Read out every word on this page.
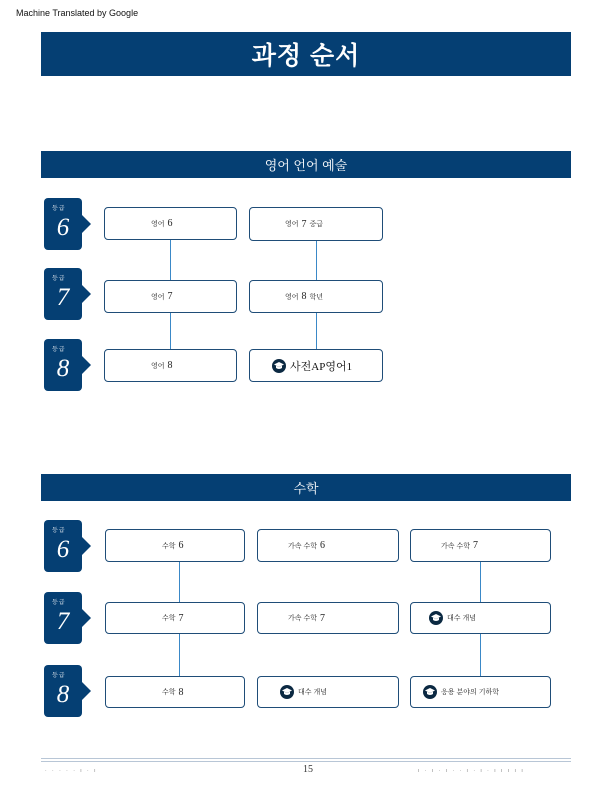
Machine Translated by Google
과정 순서
영어 언어 예술
등급
6
등급
7
등급
8
영어 6	영어 7 중급
영어 7	영어 8 학년
영어 8	사전AP영어1
수학
등급
6
등급
7
등급
8
수학 6	가속 수학 6	가속 수학 7
수학 7	가속 수학 7	대수 개념
수학 8	대수 개념	응용 분야의 기하학
· · · · · ı · ı	15	ı · ı · ı · · ı · ı · ı ı ı ı ı
